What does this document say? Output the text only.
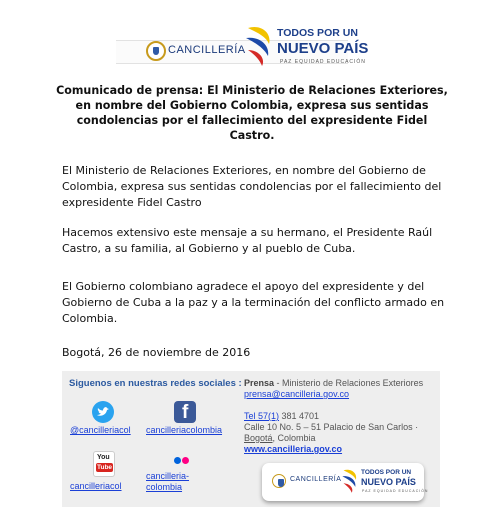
CANCILLERÍA
TODOS POR UN
NUEVO PAÍS
PAZ EQUIDAD EDUCACIÓN
Comunicado de prensa: El Ministerio de Relaciones Exteriores,
en nombre del Gobierno Colombia, expresa sus sentidas
condolencias por el fallecimiento del expresidente Fidel Castro.
El Ministerio de Relaciones Exteriores, en nombre del Gobierno de Colombia, expresa sus sentidas condolencias por el fallecimiento del expresidente Fidel Castro
Hacemos extensivo este mensaje a su hermano, el Presidente Raúl Castro, a su familia, al Gobierno y al pueblo de Cuba.
El Gobierno colombiano agradece el apoyo del expresidente y del Gobierno de Cuba a la paz y a la terminación del conflicto armado en Colombia.
Bogotá, 26 de noviembre de 2016
Siguenos en nuestras redes sociales :
@cancilleriacol
f
cancilleriacolombia
You
Tube
cancilleriacol
cancilleria-
colombia
Prensa - Ministerio de Relaciones Exteriores
prensa@cancilleria.gov.co
Tel 57(1) 381 4701
Calle 10 No. 5 – 51 Palacio de San Carlos ·
Bogotá, Colombia
www.cancilleria.gov.co
CANCILLERÍA
TODOS POR UN
NUEVO PAÍS
PAZ EQUIDAD EDUCACIÓN
